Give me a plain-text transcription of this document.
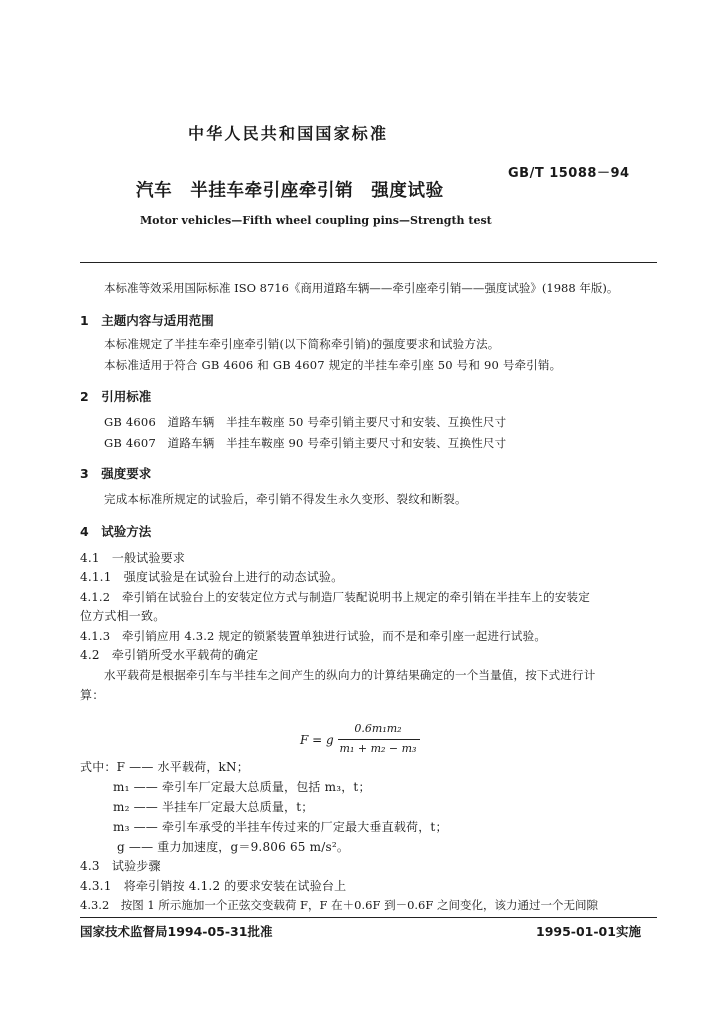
中华人民共和国国家标准
GB/T 15088－94
汽车　半挂车牵引座牵引销　强度试验
Motor vehicles—Fifth wheel coupling pins—Strength test
本标准等效采用国际标准 ISO 8716《商用道路车辆——牵引座牵引销——强度试验》(1988 年版)。
1　主题内容与适用范围
本标准规定了半挂车牵引座牵引销(以下简称牵引销)的强度要求和试验方法。
本标准适用于符合 GB 4606 和 GB 4607 规定的半挂车牵引座 50 号和 90 号牵引销。
2　引用标准
GB 4606　道路车辆　半挂车鞍座 50 号牵引销主要尺寸和安装、互换性尺寸
GB 4607　道路车辆　半挂车鞍座 90 号牵引销主要尺寸和安装、互换性尺寸
3　强度要求
完成本标准所规定的试验后，牵引销不得发生永久变形、裂纹和断裂。
4　试验方法
4.1　一般试验要求
4.1.1　强度试验是在试验台上进行的动态试验。
4.1.2　牵引销在试验台上的安装定位方式与制造厂装配说明书上规定的牵引销在半挂车上的安装定
位方式相一致。
4.1.3　牵引销应用 4.3.2 规定的锁紧装置单独进行试验，而不是和牵引座一起进行试验。
4.2　牵引销所受水平载荷的确定
水平载荷是根据牵引车与半挂车之间产生的纵向力的计算结果确定的一个当量值，按下式进行计
算：
F = g
0.6m₁m₂
m₁ + m₂ − m₃
式中：F —— 水平载荷，kN；
m₁ —— 牵引车厂定最大总质量，包括 m₃，t；
m₂ —— 半挂车厂定最大总质量，t；
m₃ —— 牵引车承受的半挂车传过来的厂定最大垂直载荷，t；
g —— 重力加速度，g＝9.806 65 m/s²。
4.3　试验步骤
4.3.1　将牵引销按 4.1.2 的要求安装在试验台上
4.3.2　按图 1 所示施加一个正弦交变载荷 F，F 在＋0.6F 到－0.6F 之间变化，该力通过一个无间隙
国家技术监督局1994-05-31批准	1995-01-01实施
